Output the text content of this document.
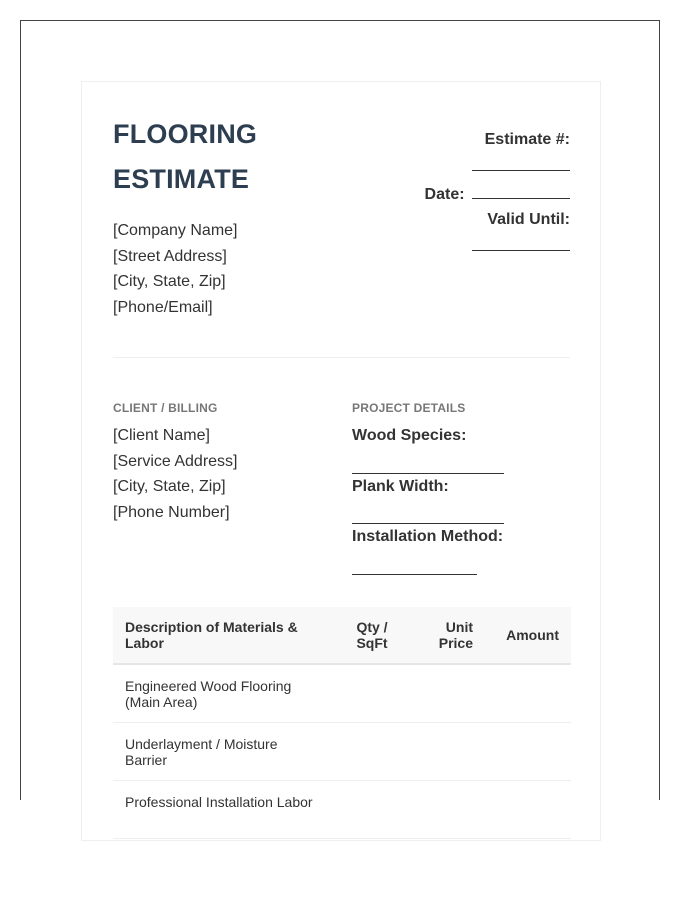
FLOORING
ESTIMATE
[Company Name]
[Street Address]
[City, State, Zip]
[Phone/Email]
Estimate #:
Date:
Valid Until:
CLIENT / BILLING	PROJECT DETAILS
[Client Name]
[Service Address]
[City, State, Zip]
[Phone Number]
Wood Species:
Plank Width:
Installation Method:
Description of Materials & Labor	Qty / SqFt	Unit Price	Amount
Engineered Wood Flooring (Main Area)			
Underlayment / Moisture Barrier			
Professional Installation Labor			
